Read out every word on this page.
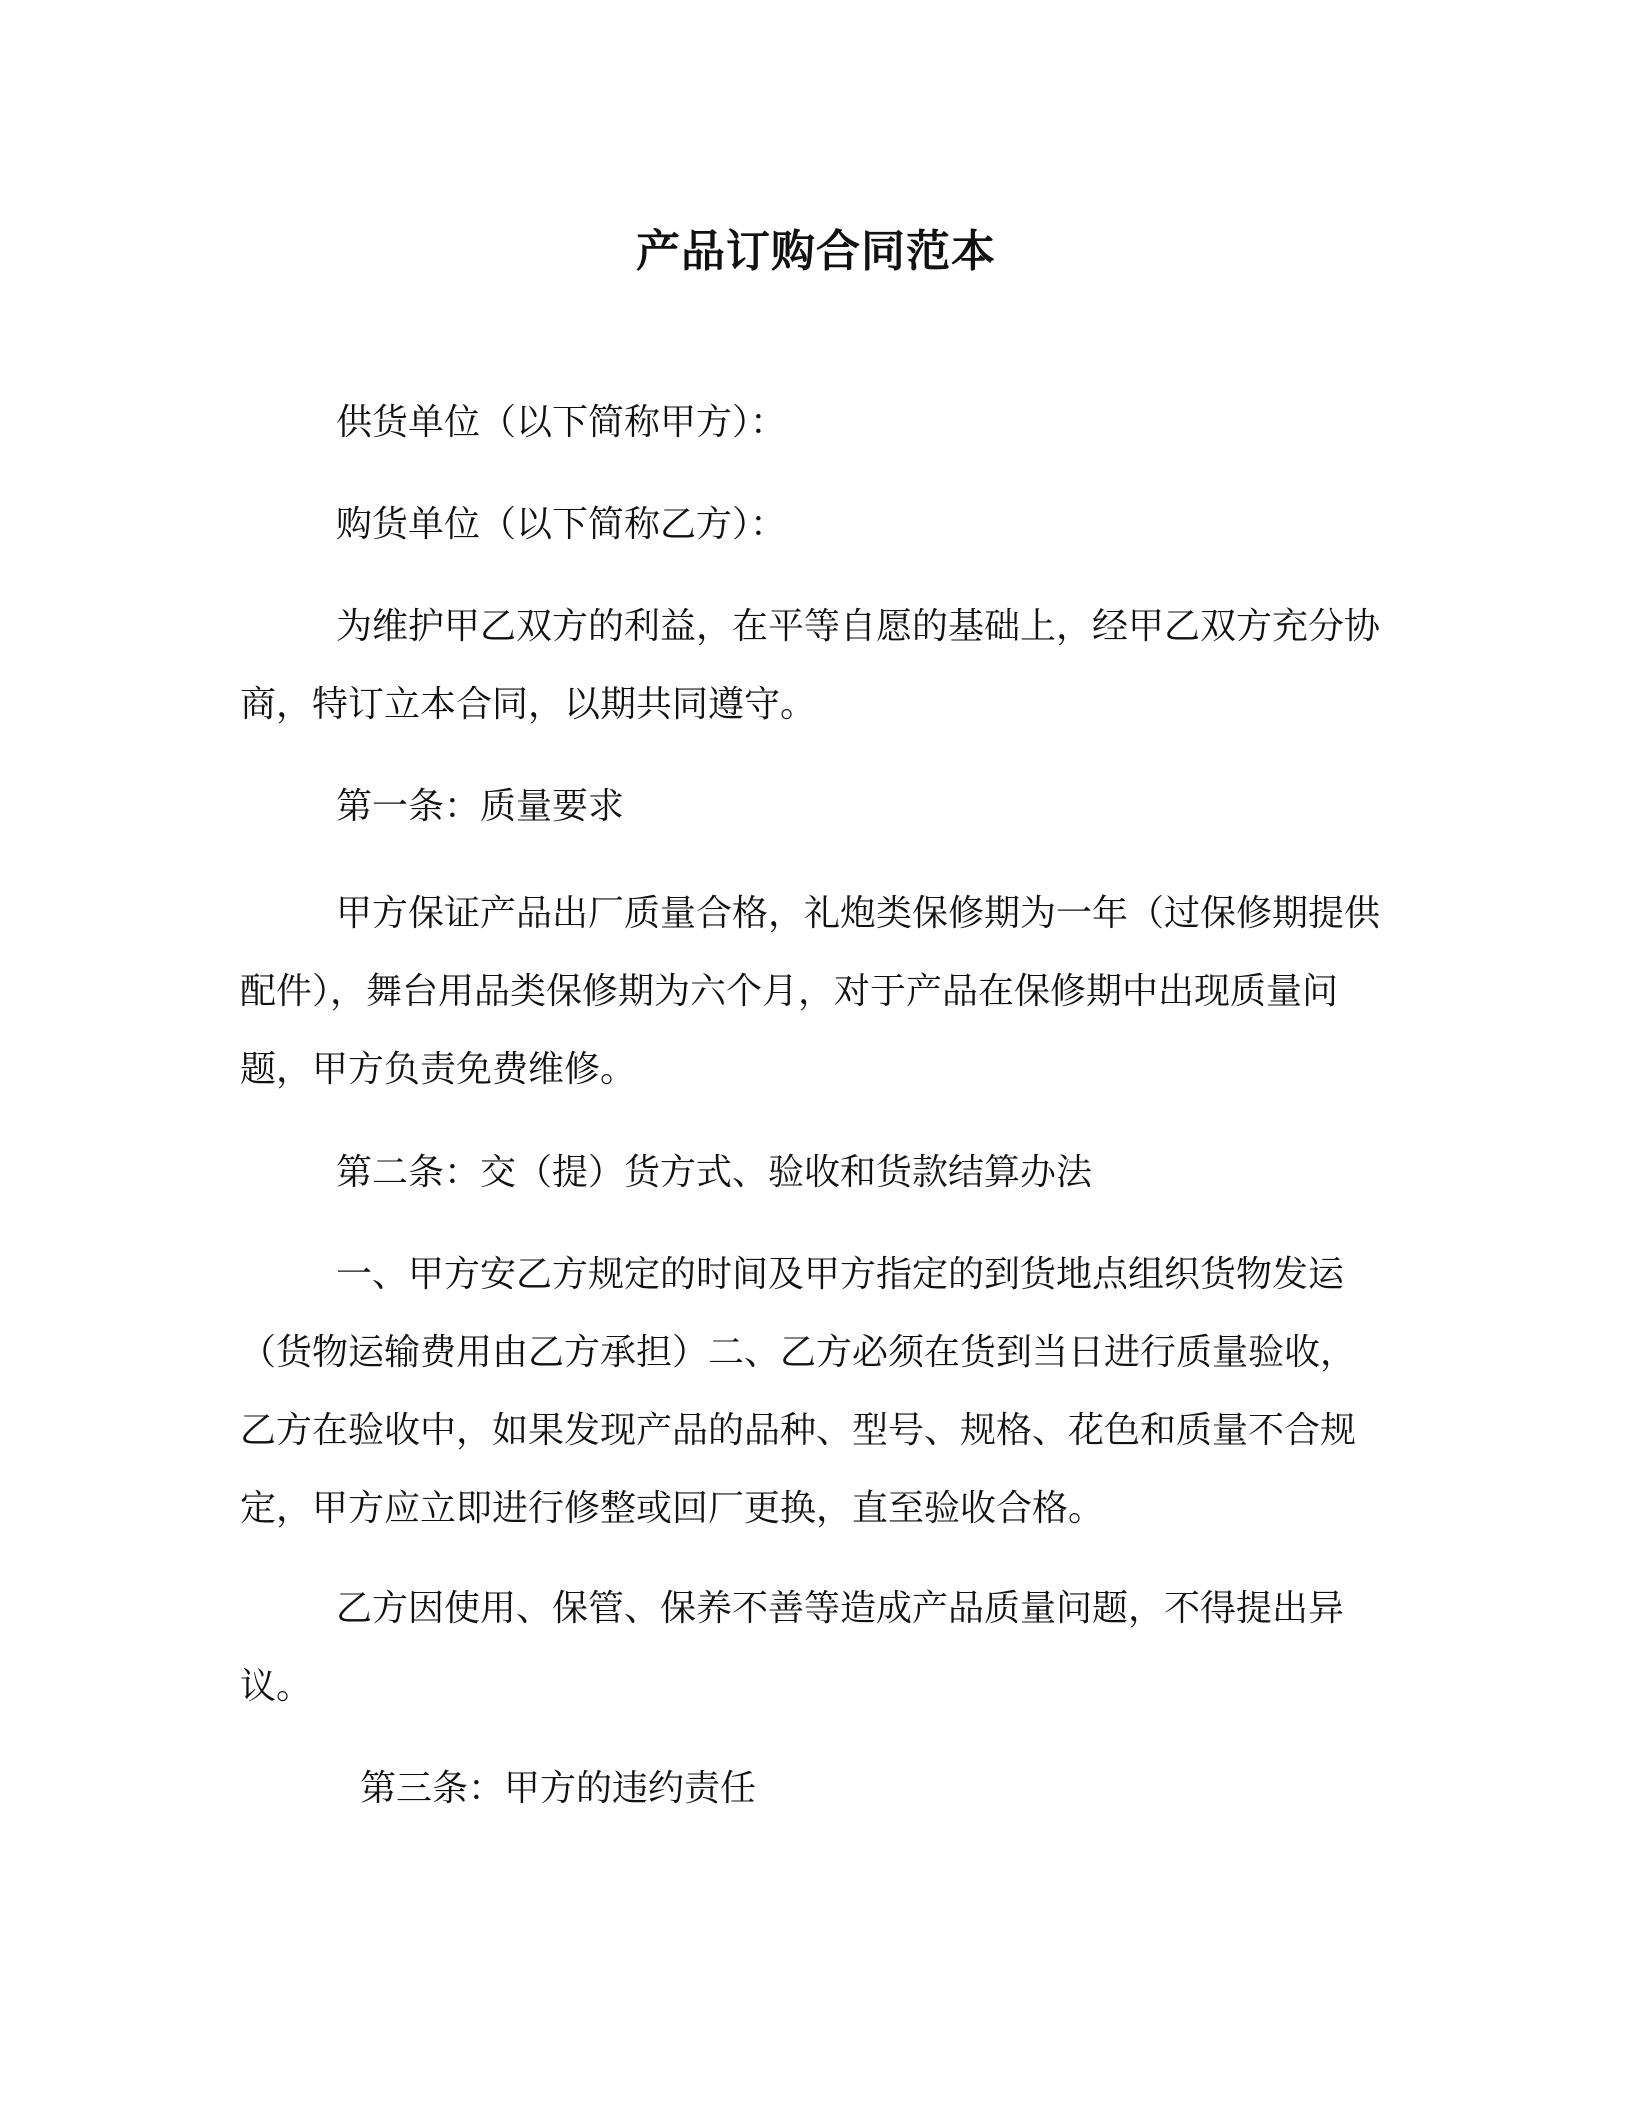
产品订购合同范本
供货单位（以下简称甲方）：
购货单位（以下简称乙方）：
为维护甲乙双方的利益，在平等自愿的基础上，经甲乙双方充分协商，特订立本合同，以期共同遵守。
第一条：质量要求
甲方保证产品出厂质量合格，礼炮类保修期为一年（过保修期提供配件），舞台用品类保修期为六个月，对于产品在保修期中出现质量问题，甲方负责免费维修。
第二条：交（提）货方式、验收和货款结算办法
一、甲方安乙方规定的时间及甲方指定的到货地点组织货物发运（货物运输费用由乙方承担）二、乙方必须在货到当日进行质量验收，乙方在验收中，如果发现产品的品种、型号、规格、花色和质量不合规定，甲方应立即进行修整或回厂更换，直至验收合格。
乙方因使用、保管、保养不善等造成产品质量问题，不得提出异议。
第三条：甲方的违约责任
